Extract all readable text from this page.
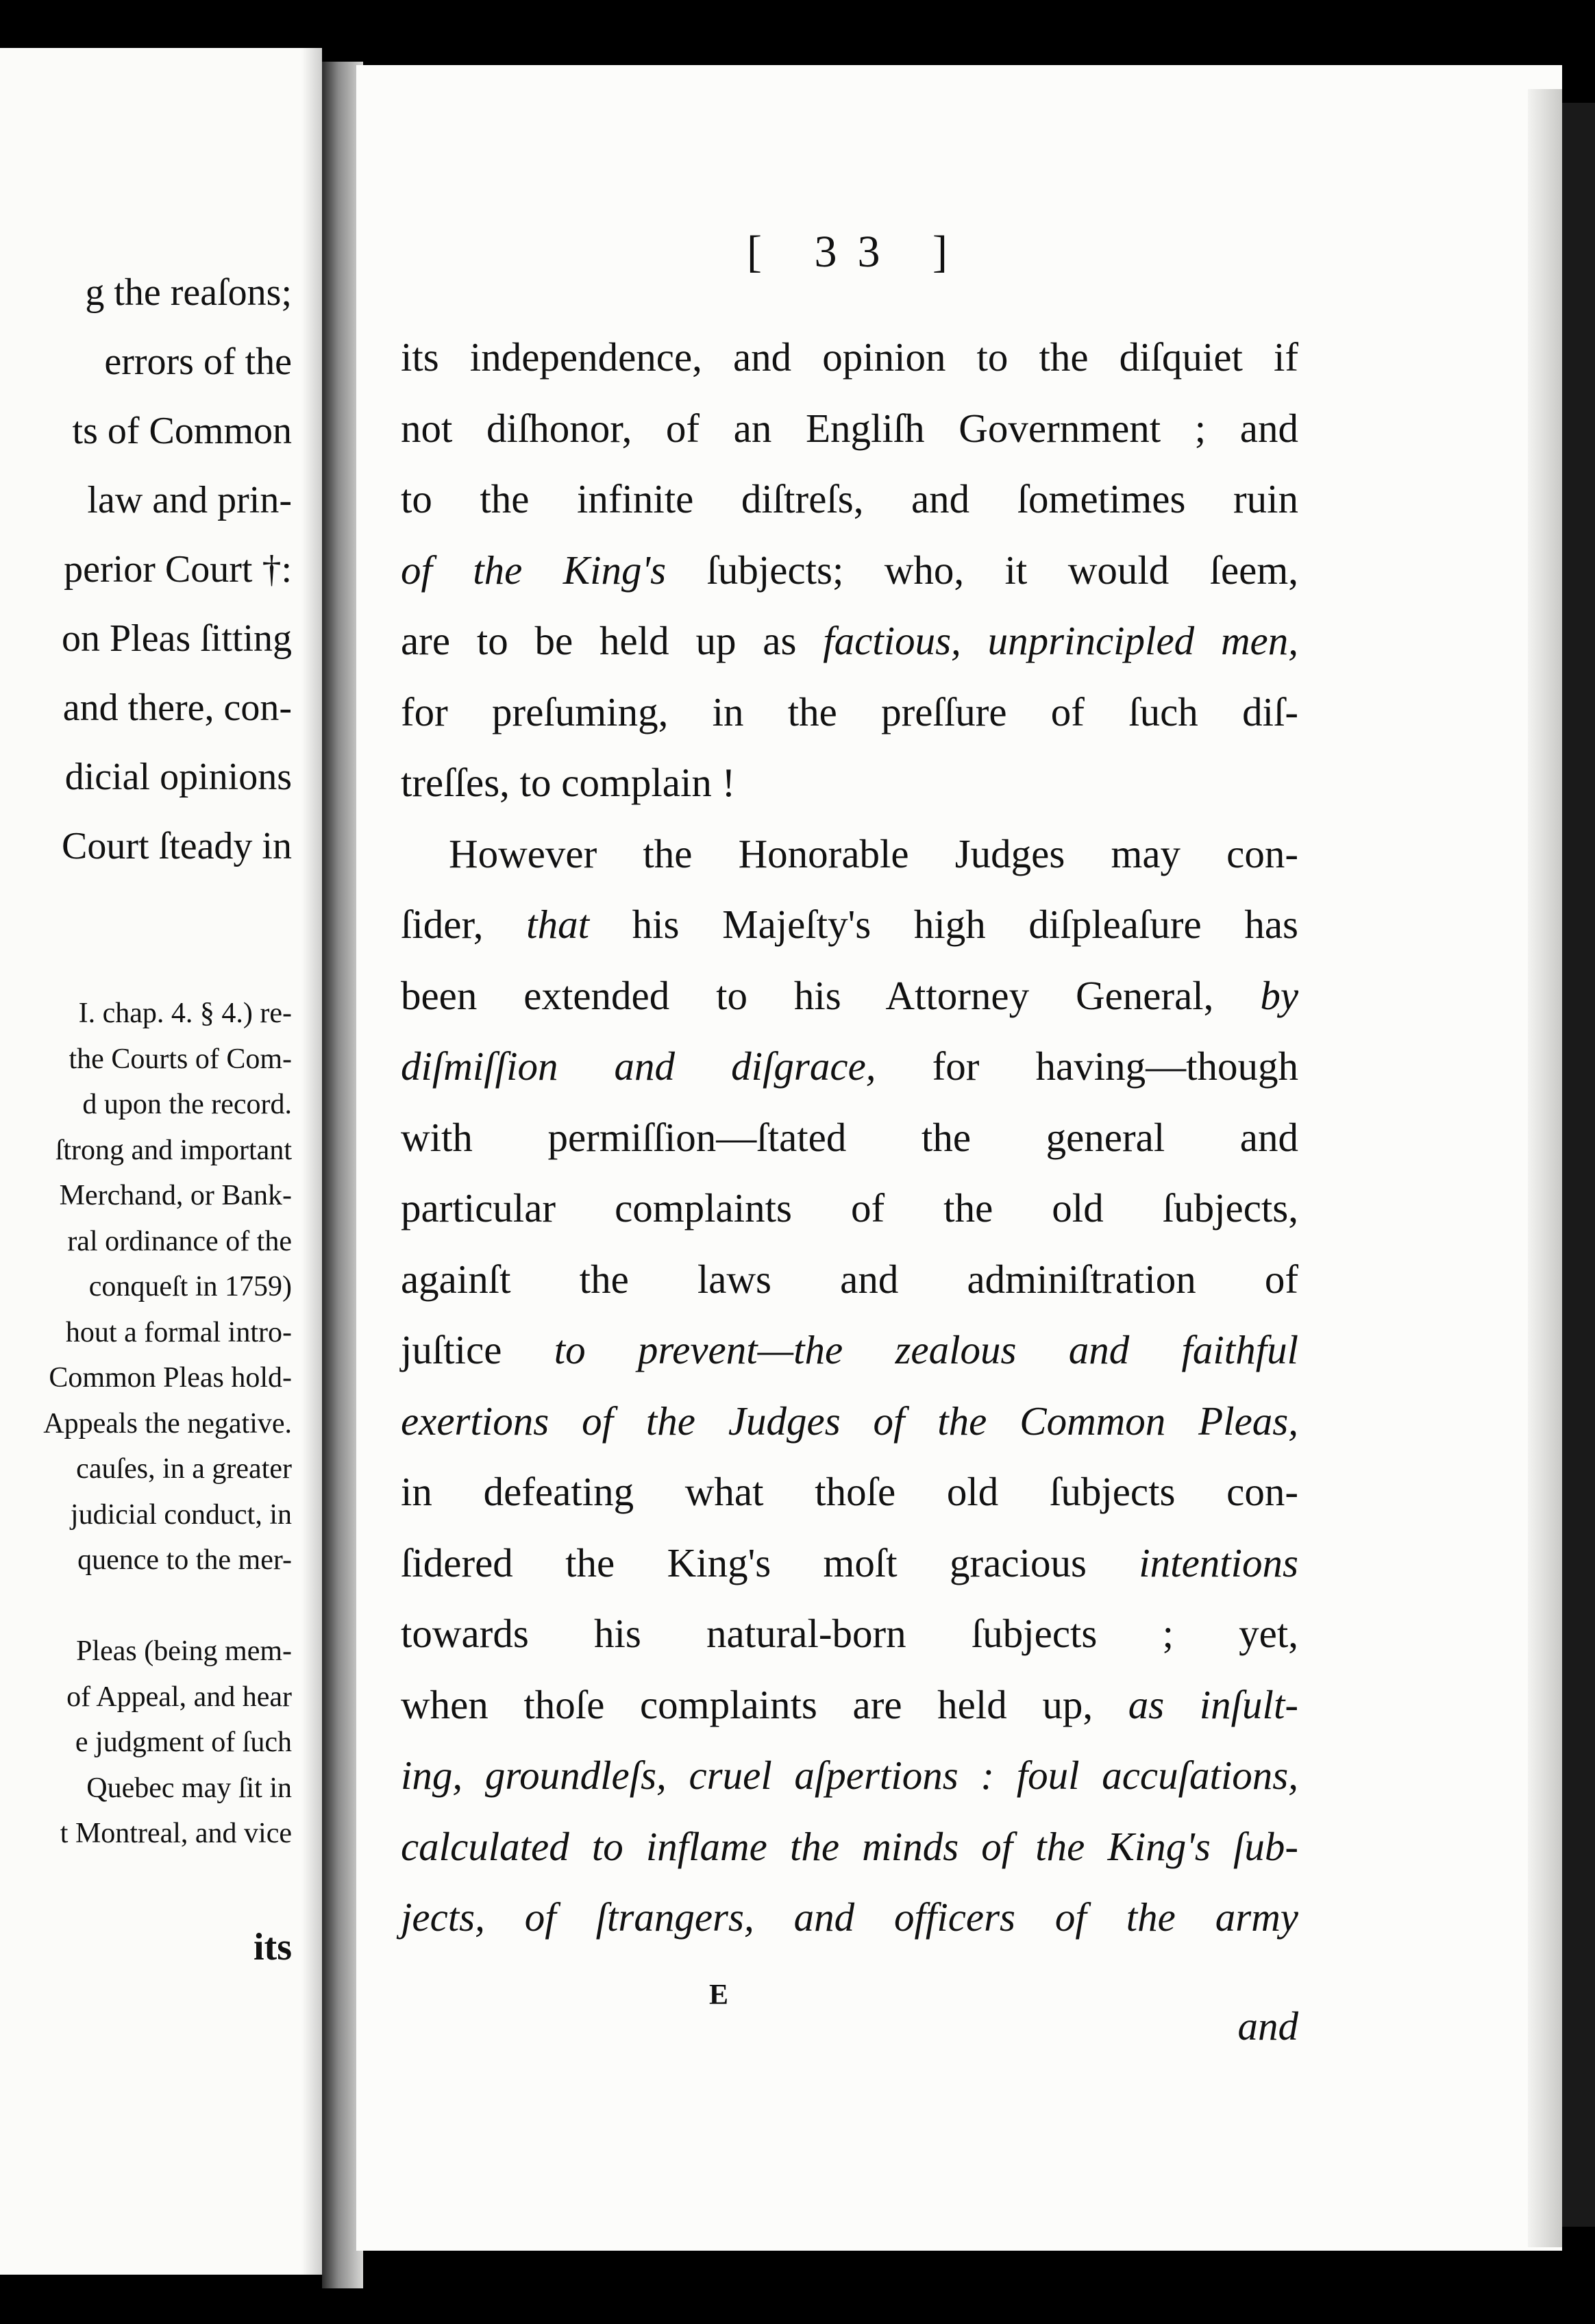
g the reaſons;
errors of the
ts of Common
law and prin-
perior Court †:
on Pleas ſitting
and there, con-
dicial opinions
Court ſteady in
I. chap. 4. § 4.) re-
the Courts of Com-
d upon the record.
ſtrong and important
Merchand, or Bank-
ral ordinance of the
conqueſt in 1759)
hout a formal intro-
Common Pleas hold-
Appeals the negative.
cauſes, in a greater
judicial conduct, in
quence to the mer-
Pleas (being mem-
of Appeal, and hear
e judgment of ſuch
Quebec may ſit in
t Montreal, and vice
its
[ 33 ]
its independence, and opinion to the diſquiet if
not diſhonor, of an Engliſh Government ; and
to the infinite diſtreſs, and ſometimes ruin
of the King's ſubjects; who, it would ſeem,
are to be held up as factious, unprincipled men,
for preſuming, in the preſſure of ſuch diſ-
treſſes, to complain !
However the Honorable Judges may con-
ſider, that his Majeſty's high diſpleaſure has
been extended to his Attorney General, by
diſmiſſion and diſgrace, for having—though
with permiſſion—ſtated the general and
particular complaints of the old ſubjects,
againſt the laws and adminiſtration of
juſtice to prevent—the zealous and faithful
exertions of the Judges of the Common Pleas,
in defeating what thoſe old ſubjects con-
ſidered the King's moſt gracious intentions
towards his natural-born ſubjects ; yet,
when thoſe complaints are held up, as inſult-
ing, groundleſs, cruel aſpertions : foul accuſations,
calculated to inflame the minds of the King's ſub-
jects, of ſtrangers, and officers of the army
and
E
